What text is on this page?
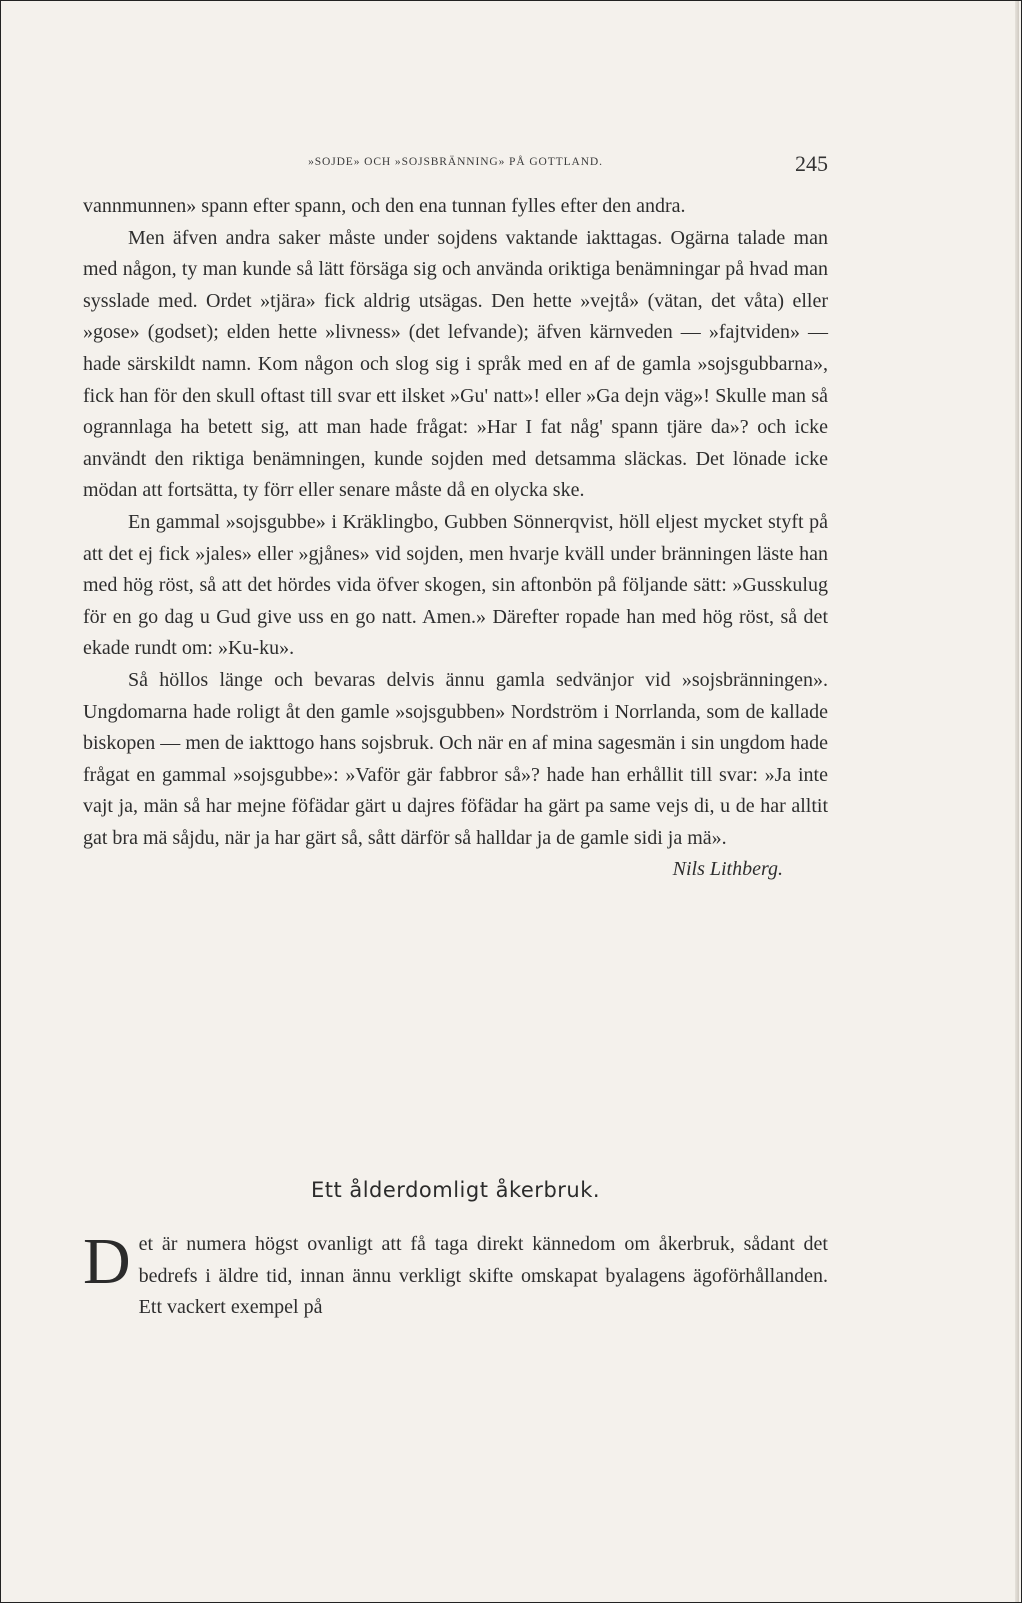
»SOJDE» OCH »SOJSBRÄNNING» PÅ GOTTLAND.	245

vannmunnen» spann efter spann, och den ena tunnan fylles efter den andra.

Men äfven andra saker måste under sojdens vaktande iakttagas. Ogärna talade man med någon, ty man kunde så lätt försäga sig och använda oriktiga benämningar på hvad man sysslade med. Ordet »tjära» fick aldrig utsägas. Den hette »vejtå» (vätan, det våta) eller »gose» (godset); elden hette »livness» (det lefvande); äfven kärnveden — »fajtviden» — hade särskildt namn. Kom någon och slog sig i språk med en af de gamla »sojsgubbarna», fick han för den skull oftast till svar ett ilsket »Gu' natt»! eller »Ga dejn väg»! Skulle man så ogrannlaga ha betett sig, att man hade frågat: »Har I fat någ' spann tjäre da»? och icke användt den riktiga benämningen, kunde sojden med detsamma släckas. Det lönade icke mödan att fortsätta, ty förr eller senare måste då en olycka ske.

En gammal »sojsgubbe» i Kräklingbo, Gubben Sönnerqvist, höll eljest mycket styft på att det ej fick »jales» eller »gjånes» vid sojden, men hvarje kväll under bränningen läste han med hög röst, så att det hördes vida öfver skogen, sin aftonbön på följande sätt: »Gusskulug för en go dag u Gud give uss en go natt. Amen.» Därefter ropade han med hög röst, så det ekade rundt om: »Ku-ku».

Så höllos länge och bevaras delvis ännu gamla sedvänjor vid »sojsbränningen». Ungdomarna hade roligt åt den gamle »sojsgubben» Nordström i Norrlanda, som de kallade biskopen — men de iakttogo hans sojsbruk. Och när en af mina sagesmän i sin ungdom hade frågat en gammal »sojsgubbe»: »Vaför gär fabbror så»? hade han erhållit till svar: »Ja inte vajt ja, män så har mejne föfädar gärt u dajres föfädar ha gärt pa same vejs di, u de har alltit gat bra mä såjdu, när ja har gärt så, sått därför så halldar ja de gamle sidi ja mä».

Nils Lithberg.

Ett ålderdomligt åkerbruk.
Det är numera högst ovanligt att få taga direkt kännedom om åkerbruk, sådant det bedrefs i äldre tid, innan ännu verkligt skifte omskapat byalagens ägoförhållanden. Ett vackert exempel på
